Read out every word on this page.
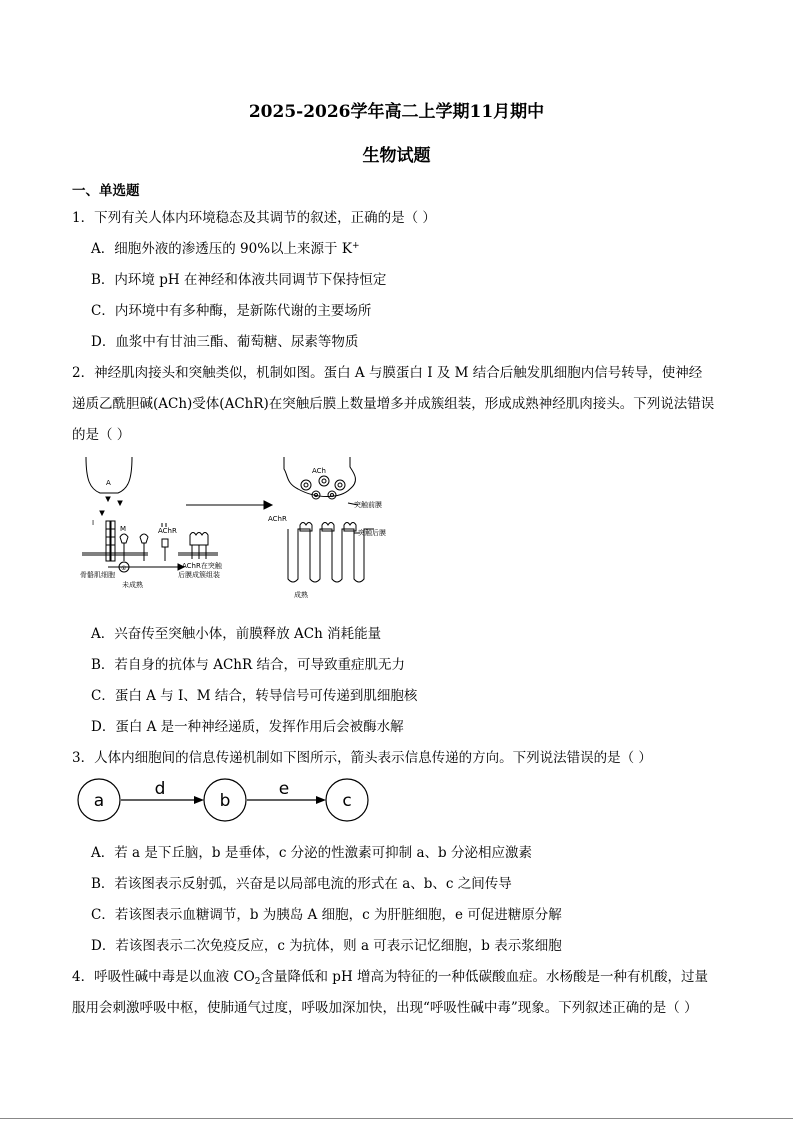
2025-2026学年高二上学期11月期中
生物试题
一、单选题
1．下列有关人体内环境稳态及其调节的叙述，正确的是（ ）
A．细胞外液的渗透压的 90%以上来源于 K+
B．内环境 pH 在神经和体液共同调节下保持恒定
C．内环境中有多种酶，是新陈代谢的主要场所
D．血浆中有甘油三酯、葡萄糖、尿素等物质
2．神经肌肉接头和突触类似，机制如图。蛋白 A 与膜蛋白 I 及 M 结合后触发肌细胞内信号转导，使神经
递质乙酰胆碱(ACh)受体(AChR)在突触后膜上数量增多并成簇组装，形成成熟神经肌肉接头。下列说法错误
的是（ ）
A
I
M	AChR
①	AChR在突触
后膜成簇组装
骨骼肌细胞
未成熟
ACh
突触前膜
突触后膜
AChR
成熟
A．兴奋传至突触小体，前膜释放 ACh 消耗能量
B．若自身的抗体与 AChR 结合，可导致重症肌无力
C．蛋白 A 与 I、M 结合，转导信号可传递到肌细胞核
D．蛋白 A 是一种神经递质，发挥作用后会被酶水解
3．人体内细胞间的信息传递机制如下图所示，箭头表示信息传递的方向。下列说法错误的是（ ）
a	b	c
d	e
A．若 a 是下丘脑，b 是垂体，c 分泌的性激素可抑制 a、b 分泌相应激素
B．若该图表示反射弧，兴奋是以局部电流的形式在 a、b、c 之间传导
C．若该图表示血糖调节，b 为胰岛 A 细胞，c 为肝脏细胞，e 可促进糖原分解
D．若该图表示二次免疫反应，c 为抗体，则 a 可表示记忆细胞，b 表示浆细胞
4．呼吸性碱中毒是以血液 $CO_2$含量降低和 pH 增高为特征的一种低碳酸血症。水杨酸是一种有机酸，过量
服用会刺激呼吸中枢，使肺通气过度，呼吸加深加快，出现“呼吸性碱中毒”现象。下列叙述正确的是（ ）
